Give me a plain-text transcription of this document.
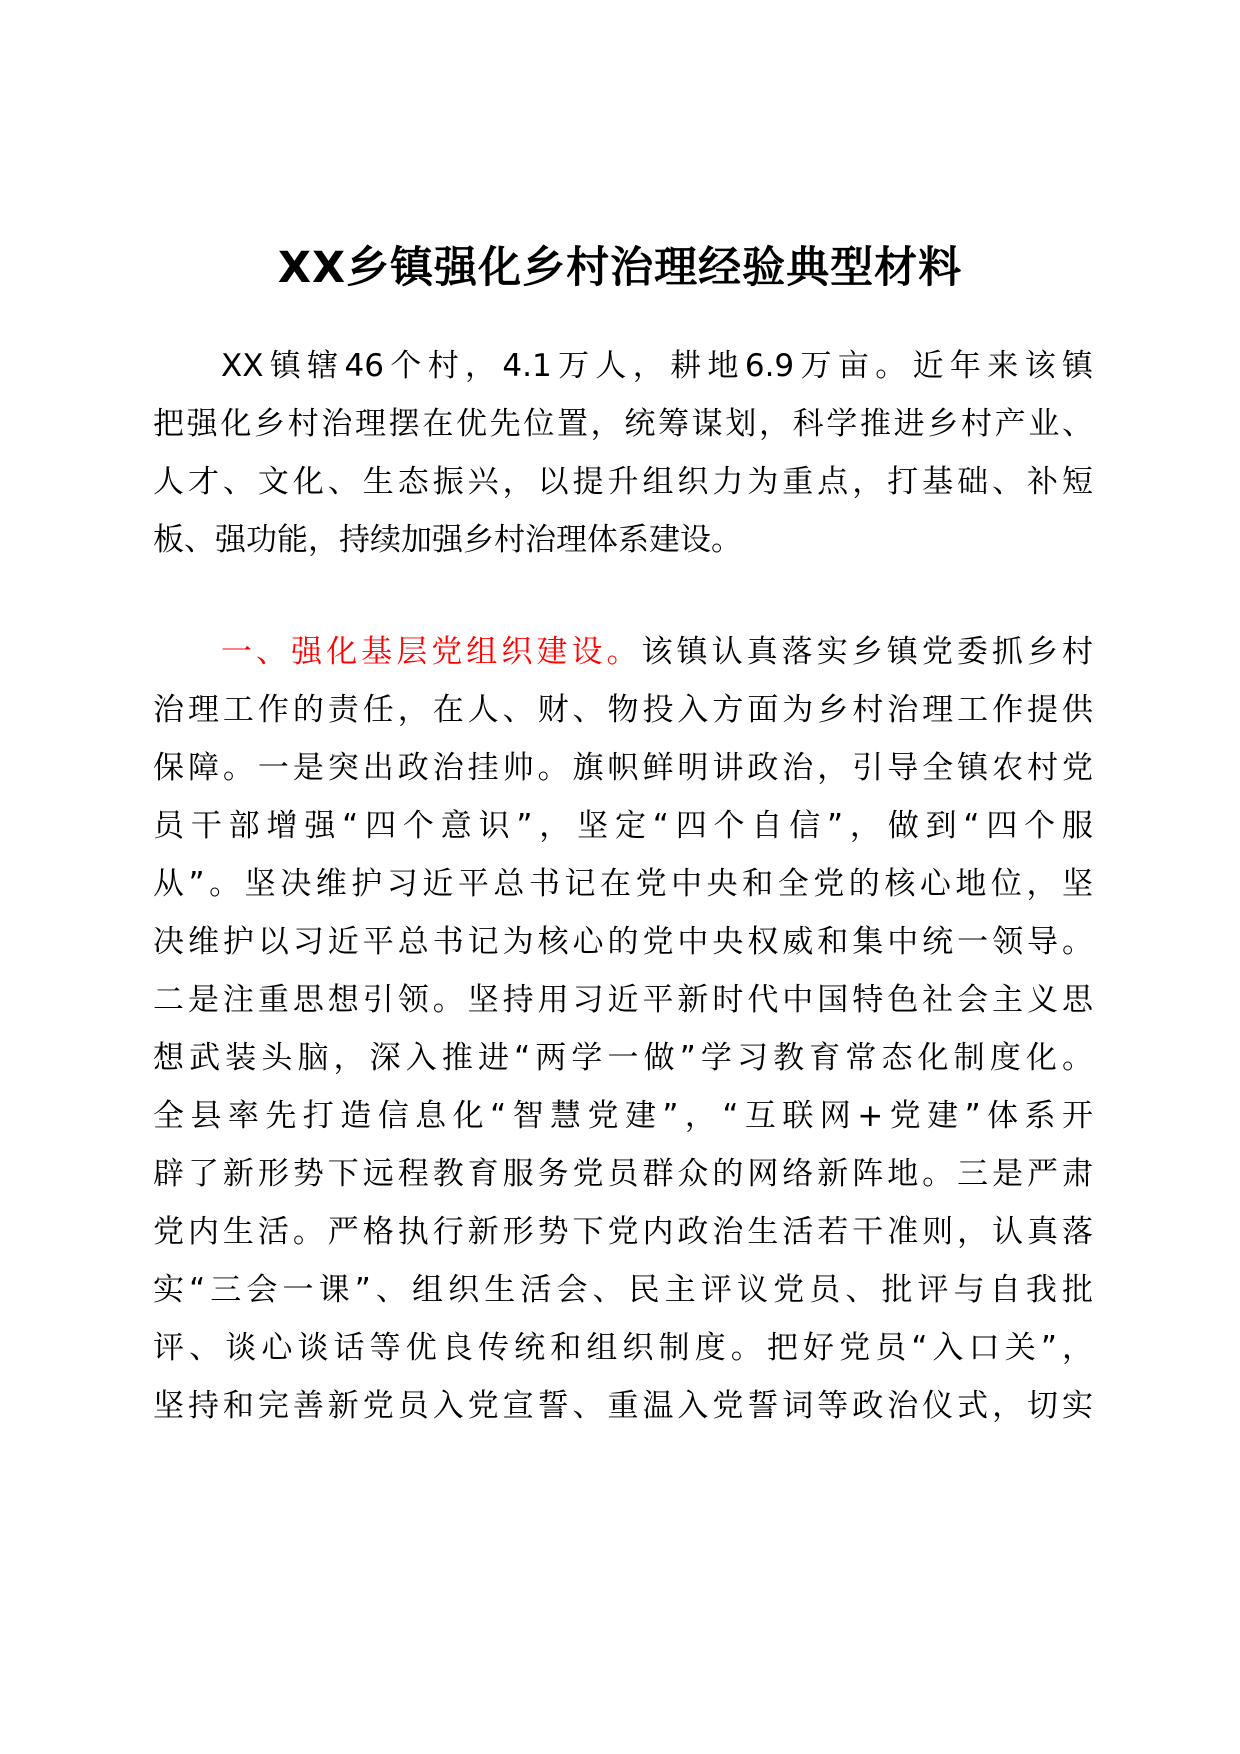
XX乡镇强化乡村治理经验典型材料
XX镇辖46个村，4.1万人，耕地6.9万亩。近年来该镇
把强化乡村治理摆在优先位置，统筹谋划，科学推进乡村产业、
人才、文化、生态振兴，以提升组织力为重点，打基础、补短
板、强功能，持续加强乡村治理体系建设。
一、强化基层党组织建设。该镇认真落实乡镇党委抓乡村
治理工作的责任，在人、财、物投入方面为乡村治理工作提供
保障。一是突出政治挂帅。旗帜鲜明讲政治，引导全镇农村党
员干部增强“四个意识”，坚定“四个自信”，做到“四个服
从”。坚决维护习近平总书记在党中央和全党的核心地位，坚
决维护以习近平总书记为核心的党中央权威和集中统一领导。
二是注重思想引领。坚持用习近平新时代中国特色社会主义思
想武装头脑，深入推进“两学一做”学习教育常态化制度化。
全县率先打造信息化“智慧党建”，“互联网+党建”体系开
辟了新形势下远程教育服务党员群众的网络新阵地。三是严肃
党内生活。严格执行新形势下党内政治生活若干准则，认真落
实“三会一课”、组织生活会、民主评议党员、批评与自我批
评、谈心谈话等优良传统和组织制度。把好党员“入口关”，
坚持和完善新党员入党宣誓、重温入党誓词等政治仪式，切实
